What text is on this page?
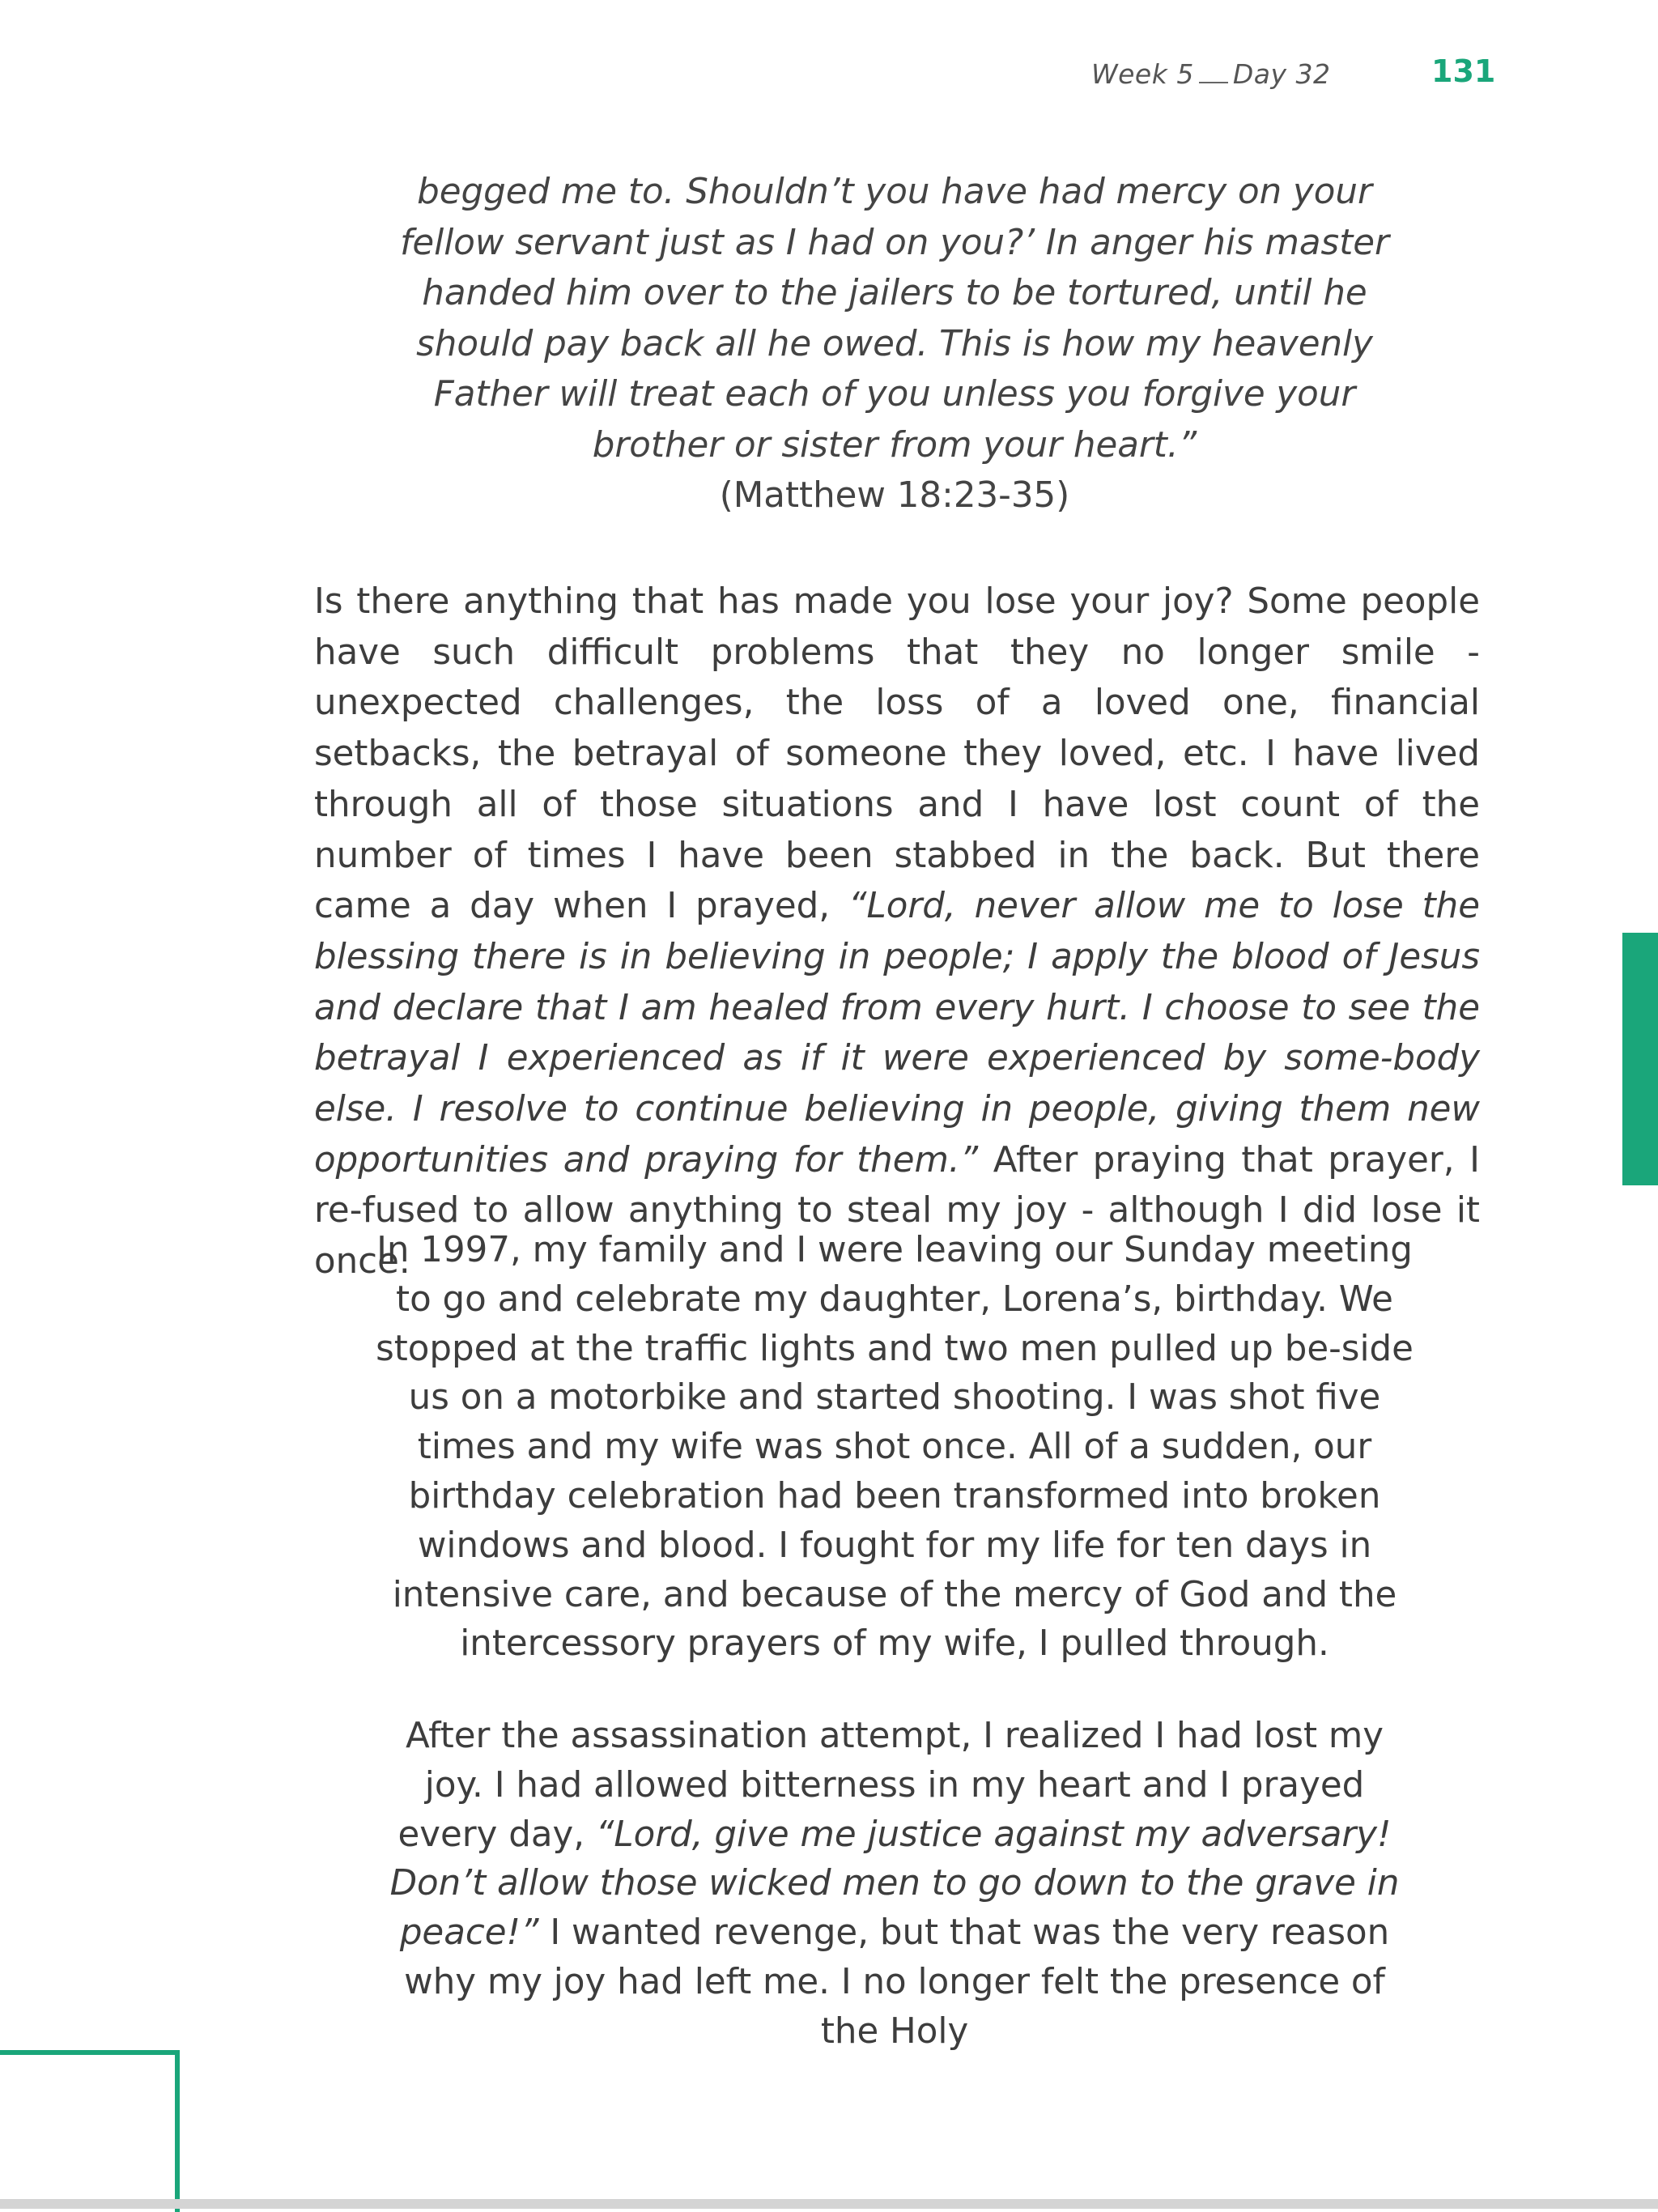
Week 5 Day 32	131

begged me to. Shouldn’t you have had mercy on your

fellow servant just as I had on you?’ In anger his master

handed him over to the jailers to be tortured, until he

should pay back all he owed. This is how my heavenly

Father will treat each of you unless you forgive your

brother or sister from your heart.”

(Matthew 18:23-35)

Is there anything that has made you lose your joy? Some people have such difficult problems that they no longer smile - unexpected challenges, the loss of a loved one, financial setbacks, the betrayal of someone they loved, etc. I have lived through all of those situations and I have lost count of the number of times I have been stabbed in the back. But there came a day when I prayed, “Lord, never allow me to lose the blessing there is in believing in people; I apply the blood of Jesus and declare that I am healed from every hurt. I choose to see the betrayal I experienced as if it were experienced by some-body else. I resolve to continue believing in people, giving them new opportunities and praying for them.” After praying that prayer, I re-fused to allow anything to steal my joy - although I did lose it once.

In 1997, my family and I were leaving our Sunday meeting to go and celebrate my daughter, Lorena’s, birthday. We stopped at the traffic lights and two men pulled up be-side us on a motorbike and started shooting. I was shot five times and my wife was shot once. All of a sudden, our birthday celebration had been transformed into broken windows and blood. I fought for my life for ten days in intensive care, and because of the mercy of God and the intercessory prayers of my wife, I pulled through.

After the assassination attempt, I realized I had lost my joy. I had allowed bitterness in my heart and I prayed every day, “Lord, give me justice against my adversary! Don’t allow those wicked men to go down to the grave in peace!” I wanted revenge, but that was the very reason why my joy had left me. I no longer felt the presence of the Holy
